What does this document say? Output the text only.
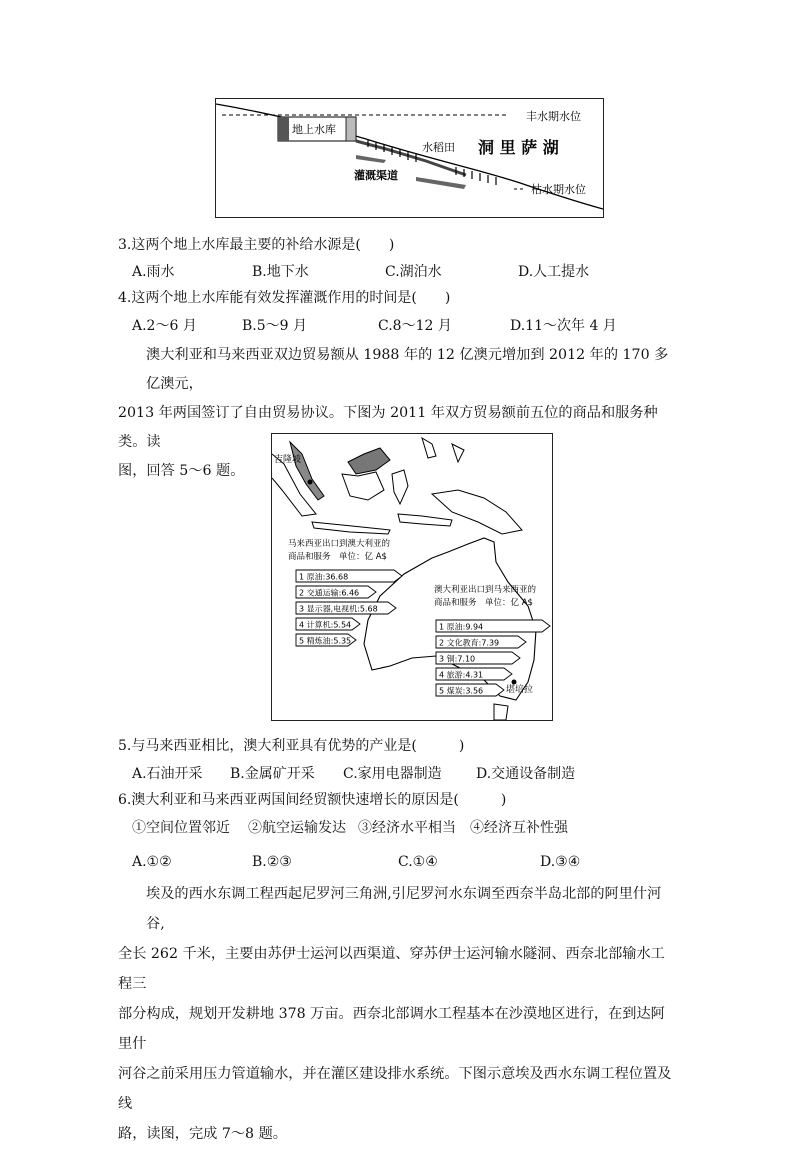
地上水库
水稻田 洞 里 萨 湖
灌溉渠道
丰水期水位
枯水期水位
3.这两个地上水库最主要的补给水源是(　　)
A.雨水	B.地下水	C.湖泊水	D.人工提水
4.这两个地上水库能有效发挥灌溉作用的时间是(　　)
A.2～6 月	B.5～9 月	C.8～12 月	D.11～次年 4 月
澳大利亚和马来西亚双边贸易额从 1988 年的 12 亿澳元增加到 2012 年的 170 多亿澳元，
2013 年两国签订了自由贸易协议。下图为 2011 年双方贸易额前五位的商品和服务种类。读
图，回答 5～6 题。
吉隆坡
堪培拉
马来西亚出口到澳大利亚的
商品和服务　单位：亿 A$
1 原油:36.68
2 交通运输:6.46
3 显示器,电视机:5.68
4 计算机:5.54
5 精炼油:5.35
澳大利亚出口到马来西亚的
商品和服务　单位：亿 A$
1 原油:9.94
2 文化教育:7.39
3 铜:7.10
4 旅游:4.31
5 煤炭:3.56
5.与马来西亚相比，澳大利亚具有优势的产业是(　　　)
A.石油开采 B.金属矿开采 C.家用电器制造 D.交通设备制造
6.澳大利亚和马来西亚两国间经贸额快速增长的原因是(　　　)
①空间位置邻近 ②航空运输发达 ③经济水平相当 ④经济互补性强
A.①②	B.②③	C.①④	D.③④
埃及的西水东调工程西起尼罗河三角洲,引尼罗河水东调至西奈半岛北部的阿里什河谷,
全长 262 千米，主要由苏伊士运河以西渠道、穿苏伊士运河输水隧洞、西奈北部输水工程三
部分构成，规划开发耕地 378 万亩。西奈北部调水工程基本在沙漠地区进行，在到达阿里什
河谷之前采用压力管道输水，并在灌区建设排水系统。下图示意埃及西水东调工程位置及线
路，读图，完成 7～8 题。
